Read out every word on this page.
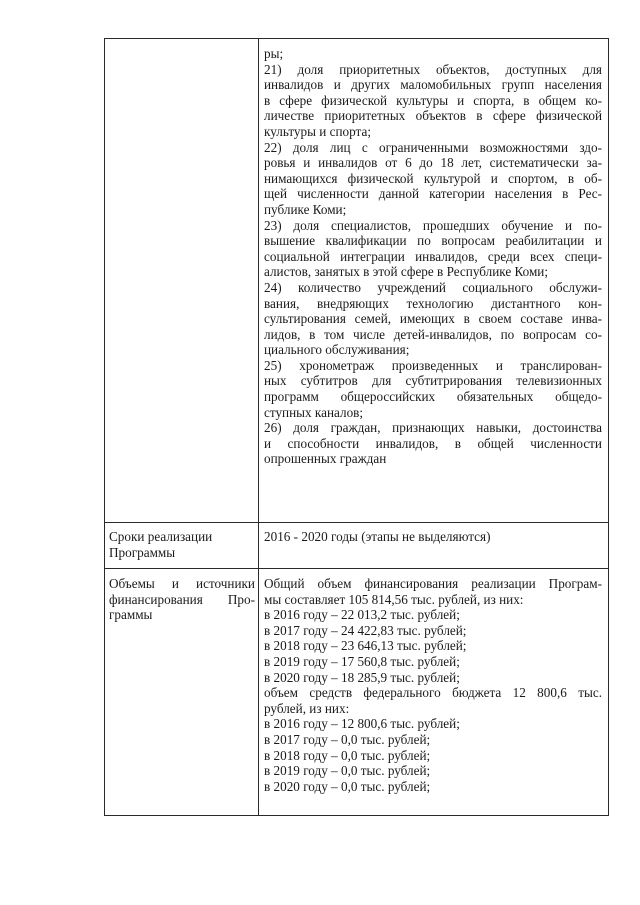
ры;

21) доля приоритетных объектов, доступных для

инвалидов и других маломобильных групп населения

в сфере физической культуры и спорта, в общем ко-

личестве приоритетных объектов в сфере физической

культуры и спорта;

22) доля лиц с ограниченными возможностями здо-

ровья и инвалидов от 6 до 18 лет, систематически за-

нимающихся физической культурой и спортом, в об-

щей численности данной категории населения в Рес-

публике Коми;

23) доля специалистов, прошедших обучение и по-

вышение квалификации по вопросам реабилитации и

социальной интеграции инвалидов, среди всех специ-

алистов, занятых в этой сфере в Республике Коми;

24) количество учреждений социального обслужи-

вания, внедряющих технологию дистантного кон-

сультирования семей, имеющих в своем составе инва-

лидов, в том числе детей-инвалидов, по вопросам со-

циального обслуживания;

25) хронометраж произведенных и транслирован-

ных субтитров для субтитрирования телевизионных

программ общероссийских обязательных общедо-

ступных каналов;

26) доля граждан, признающих навыки, достоинства

и способности инвалидов, в общей численности

опрошенных граждан

Сроки реализации

Программы

2016 - 2020 годы (этапы не выделяются)

Объемы и источники

финансирования Про-

граммы

Общий объем финансирования реализации Програм-

мы составляет 105 814,56 тыс. рублей, из них:

в 2016 году – 22 013,2 тыс. рублей;

в 2017 году – 24 422,83 тыс. рублей;

в 2018 году – 23 646,13 тыс. рублей;

в 2019 году – 17 560,8 тыс. рублей;

в 2020 году – 18 285,9 тыс. рублей;

объем средств федерального бюджета 12 800,6 тыс.

рублей, из них:

в 2016 году – 12 800,6 тыс. рублей;

в 2017 году – 0,0 тыс. рублей;

в 2018 году – 0,0 тыс. рублей;

в 2019 году – 0,0 тыс. рублей;

в 2020 году – 0,0 тыс. рублей;
